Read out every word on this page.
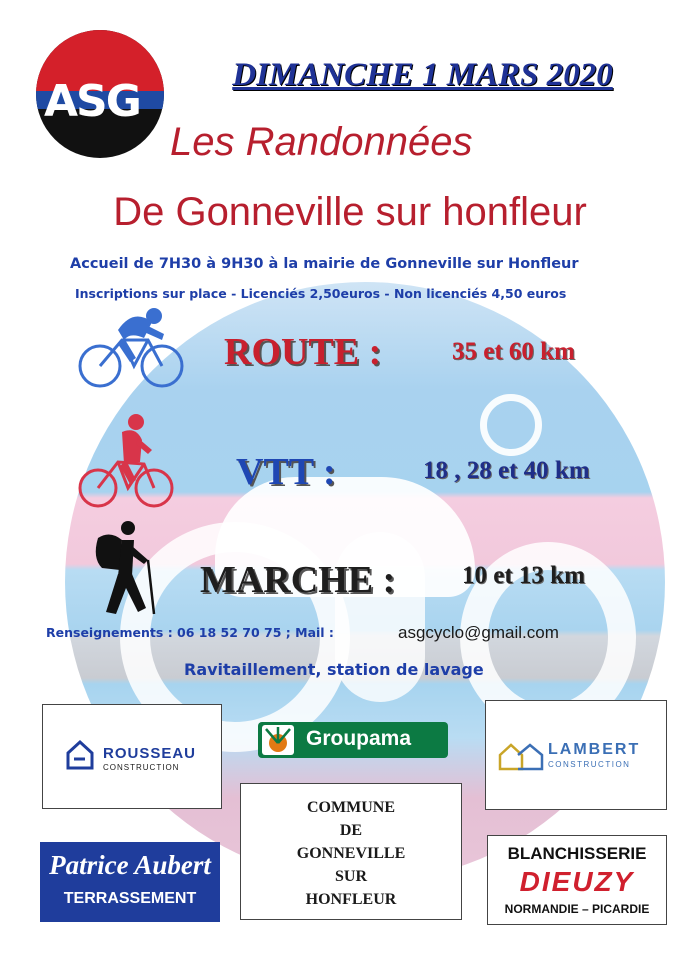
ASG
DIMANCHE 1 MARS 2020
Les Randonnées
De Gonneville sur honfleur
Accueil de 7H30 à 9H30 à la mairie de Gonneville sur Honfleur
Inscriptions sur place - Licenciés 2,50euros - Non licenciés 4,50 euros
ROUTE :	35 et 60 km
VTT :	18 , 28 et 40 km
MARCHE :	10 et 13 km
Renseignements : 06 18 52 70 75 ; Mail :	asgcyclo@gmail.com
Ravitaillement, station de lavage
ROUSSEAU
CONSTRUCTION
Groupama	LAMBERT
CONSTRUCTION
COMMUNE
DE
GONNEVILLE
SUR
HONFLEUR
Patrice Aubert
TERRASSEMENT
BLANCHISSERIE
DIEUZY
NORMANDIE – PICARDIE
